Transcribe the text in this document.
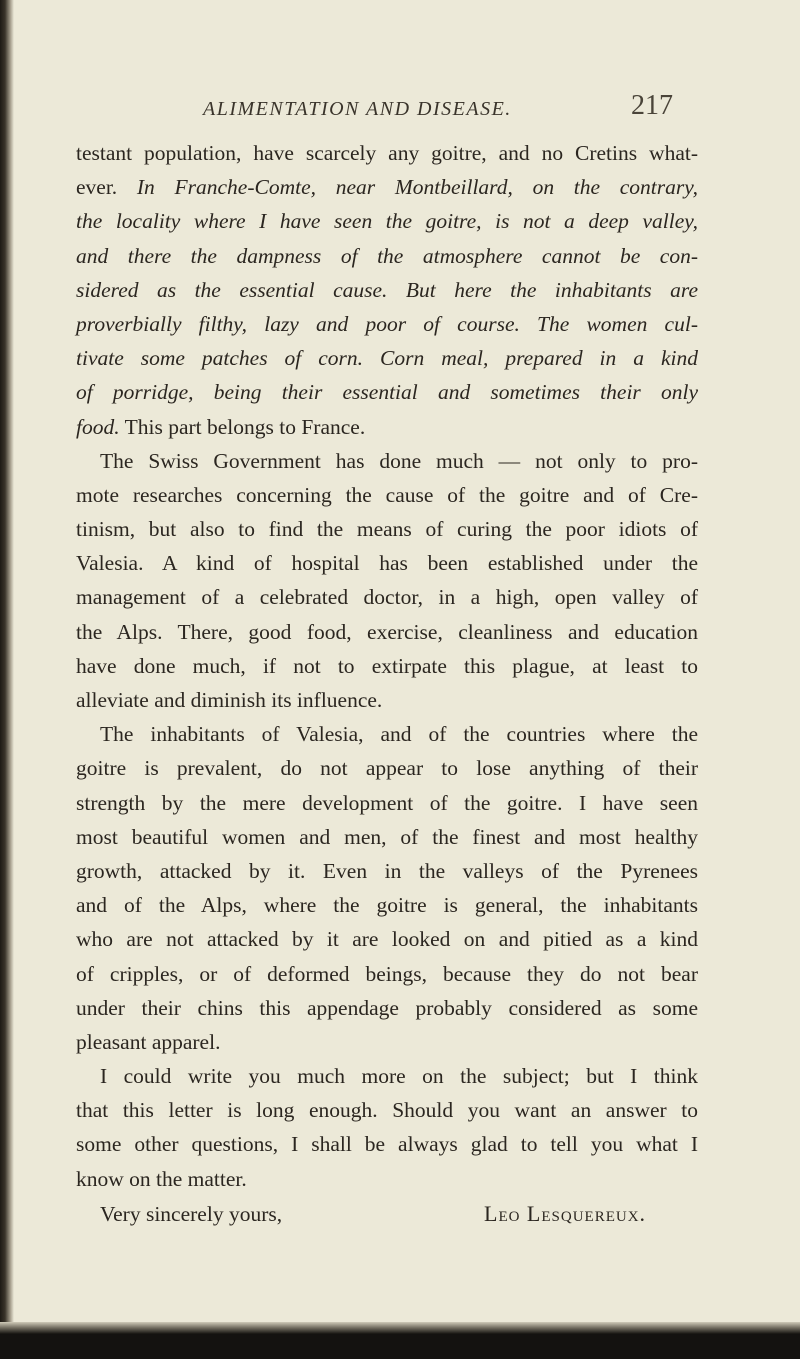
ALIMENTATION AND DISEASE.	217
testant population, have scarcely any goitre, and no Cretins what-
ever. In Franche-Comte, near Montbeillard, on the contrary,
the locality where I have seen the goitre, is not a deep valley,
and there the dampness of the atmosphere cannot be con-
sidered as the essential cause. But here the inhabitants are
proverbially filthy, lazy and poor of course. The women cul-
tivate some patches of corn. Corn meal, prepared in a kind
of porridge, being their essential and sometimes their only
food. This part belongs to France.
The Swiss Government has done much — not only to pro-
mote researches concerning the cause of the goitre and of Cre-
tinism, but also to find the means of curing the poor idiots of
Valesia. A kind of hospital has been established under the
management of a celebrated doctor, in a high, open valley of
the Alps. There, good food, exercise, cleanliness and education
have done much, if not to extirpate this plague, at least to
alleviate and diminish its influence.
The inhabitants of Valesia, and of the countries where the
goitre is prevalent, do not appear to lose anything of their
strength by the mere development of the goitre. I have seen
most beautiful women and men, of the finest and most healthy
growth, attacked by it. Even in the valleys of the Pyrenees
and of the Alps, where the goitre is general, the inhabitants
who are not attacked by it are looked on and pitied as a kind
of cripples, or of deformed beings, because they do not bear
under their chins this appendage probably considered as some
pleasant apparel.
I could write you much more on the subject; but I think
that this letter is long enough. Should you want an answer to
some other questions, I shall be always glad to tell you what I
know on the matter.
Very sincerely yours,	Leo Lesquereux.
